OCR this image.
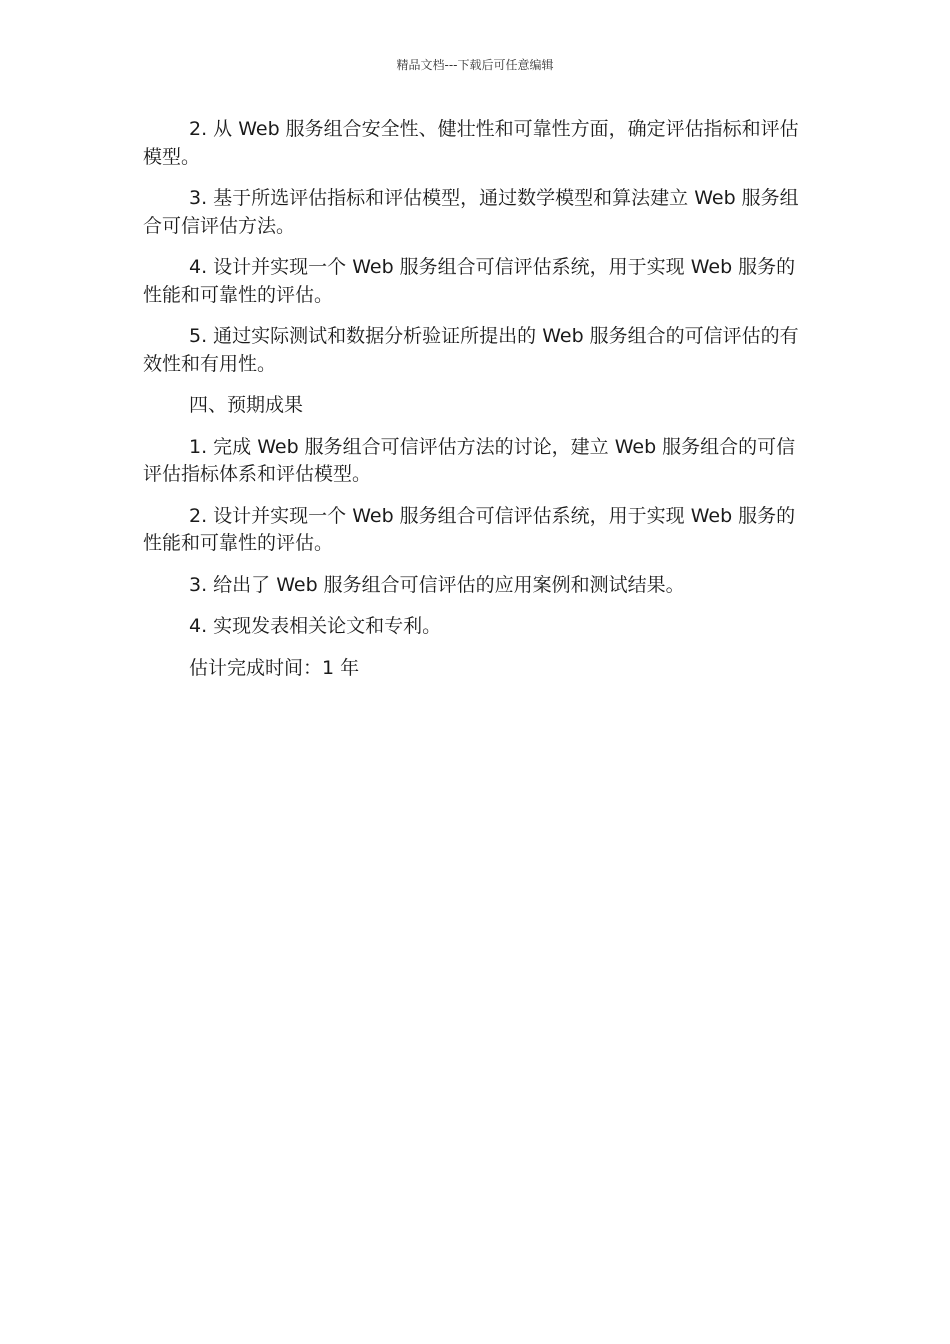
精品文档---下载后可任意编辑

2. 从 Web 服务组合安全性、健壮性和可靠性方面，确定评估指标和评估模型。

3. 基于所选评估指标和评估模型，通过数学模型和算法建立 Web 服务组合可信评估方法。

4. 设计并实现一个 Web 服务组合可信评估系统，用于实现 Web 服务的性能和可靠性的评估。

5. 通过实际测试和数据分析验证所提出的 Web 服务组合的可信评估的有效性和有用性。

四、预期成果

1. 完成 Web 服务组合可信评估方法的讨论，建立 Web 服务组合的可信评估指标体系和评估模型。

2. 设计并实现一个 Web 服务组合可信评估系统，用于实现 Web 服务的性能和可靠性的评估。

3. 给出了 Web 服务组合可信评估的应用案例和测试结果。

4. 实现发表相关论文和专利。

估计完成时间：1 年
